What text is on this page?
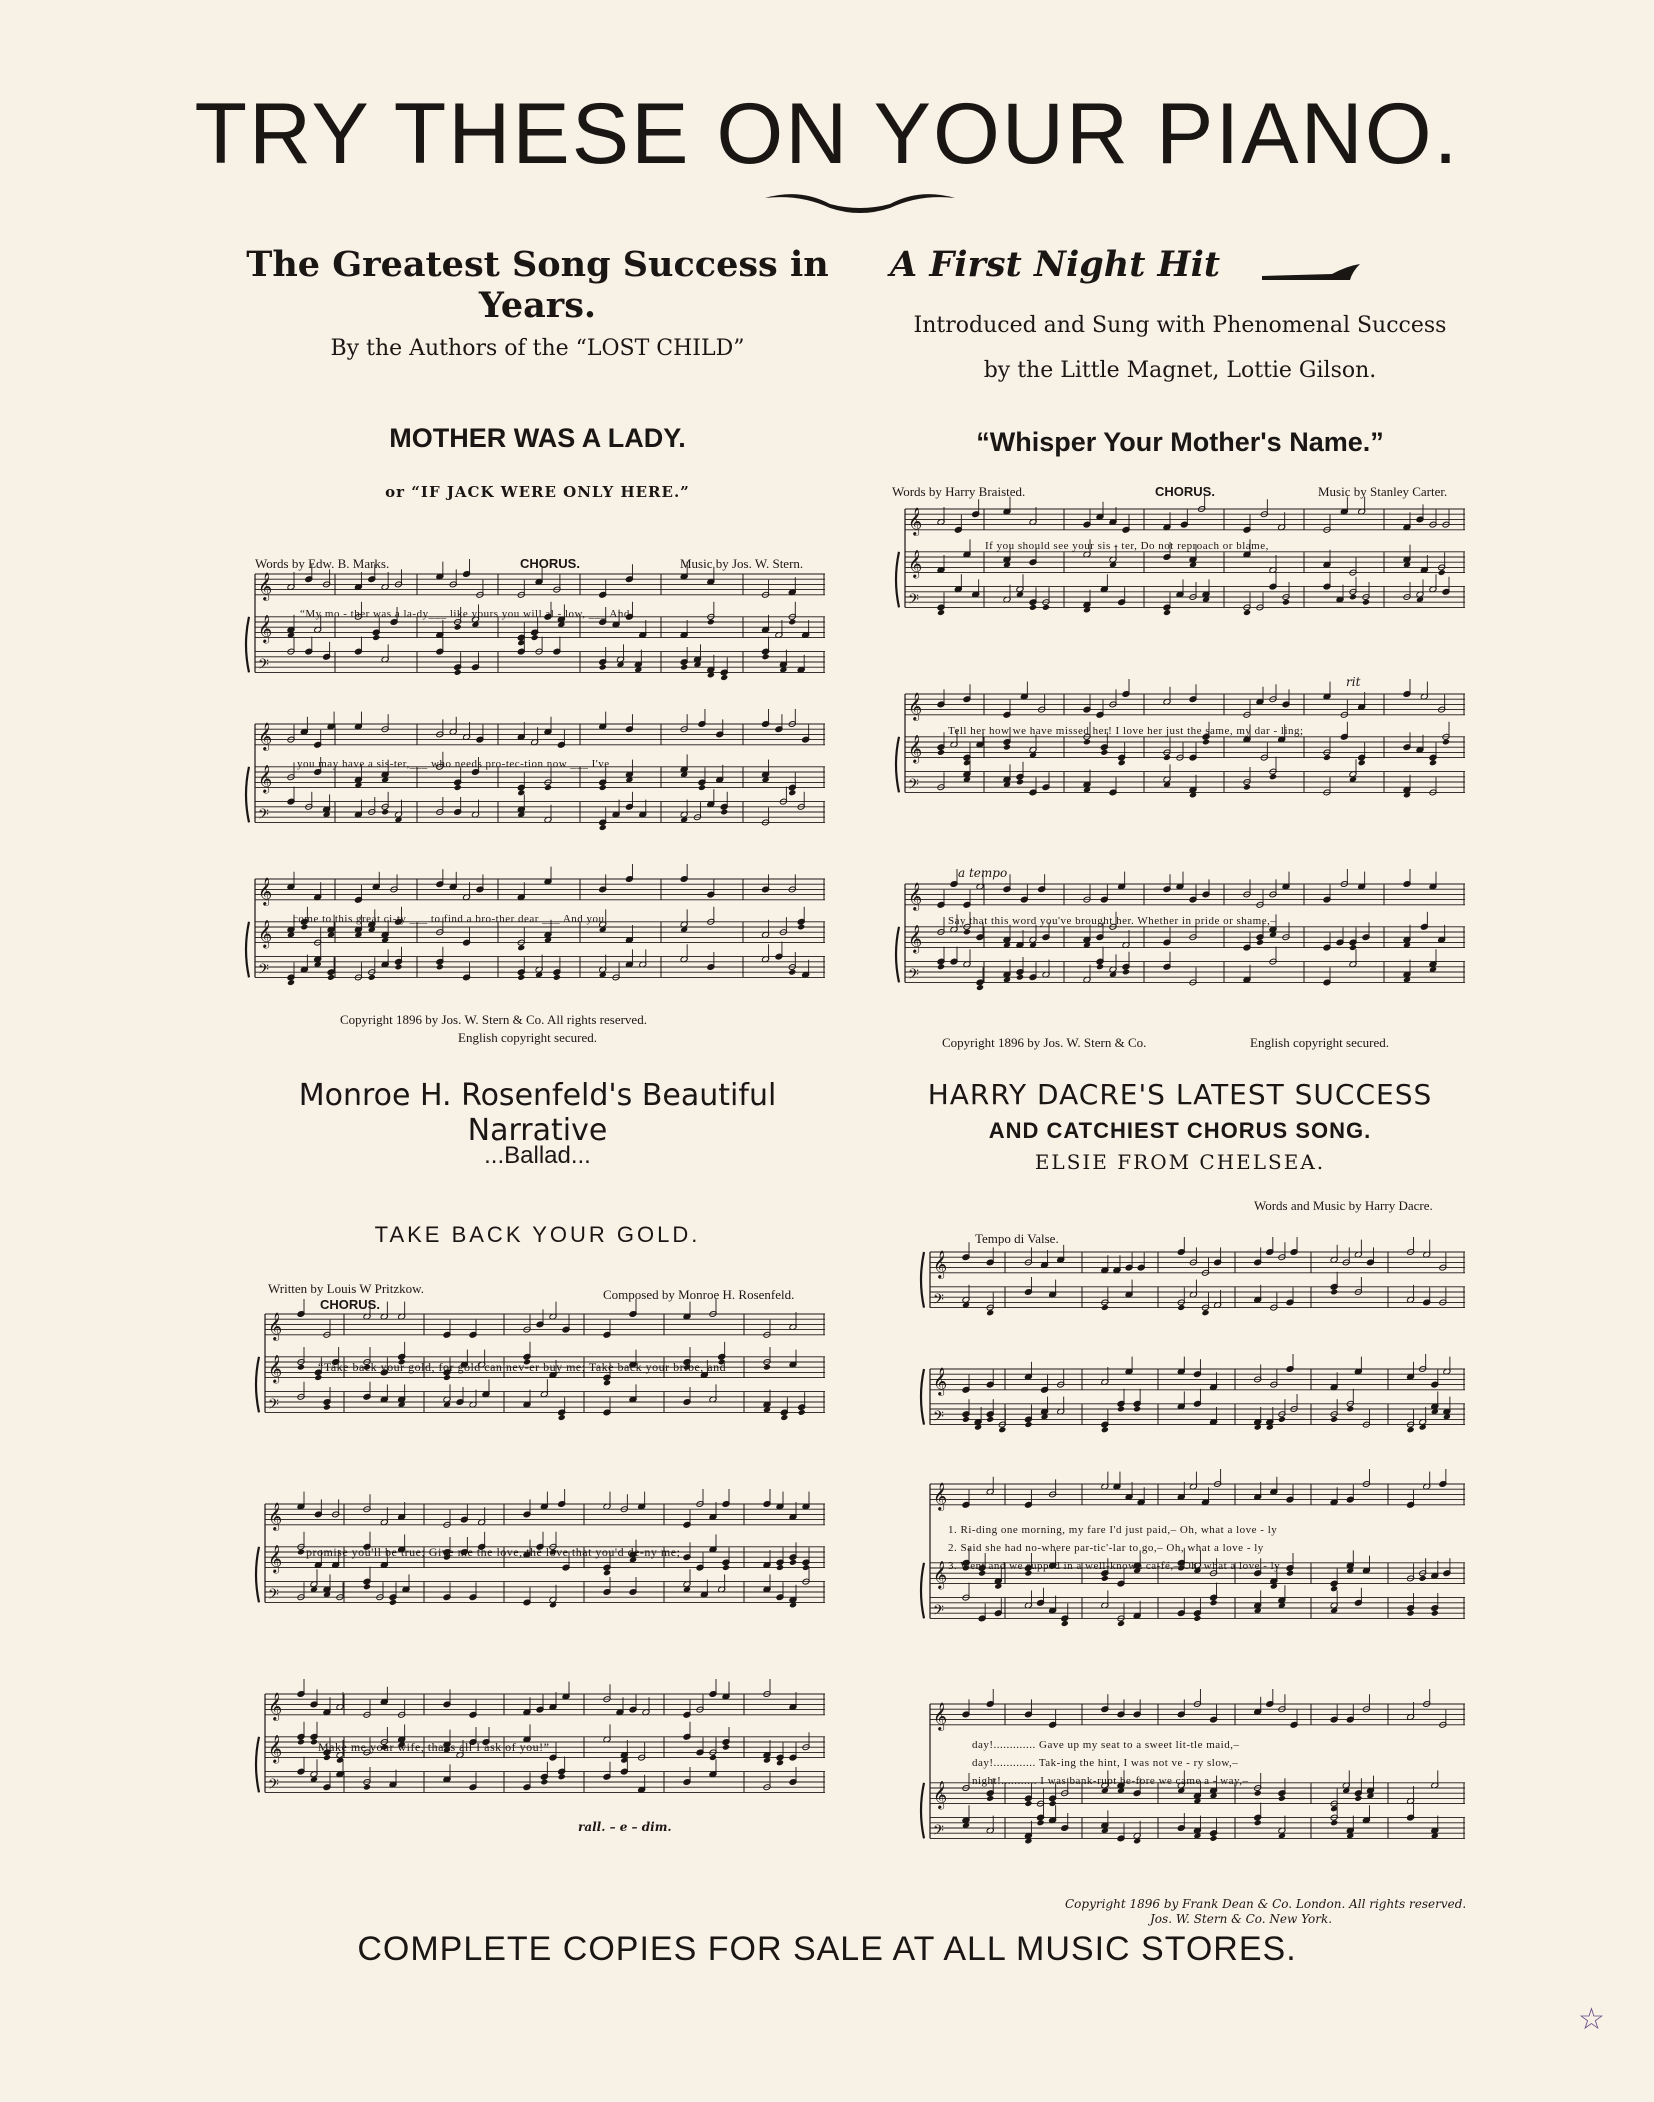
TRY THESE ON YOUR PIANO.
The Greatest Song Success in Years.
By the Authors of the “LOST CHILD”
MOTHER WAS A LADY.
or “IF JACK WERE ONLY HERE.”
Words by Edw. B. Marks.	CHORUS.	Music by Jos. W. Stern.
𝄞
𝄞
𝄢
“My mo - ther was a la-dy___ like yours you will al - low, ___ And
𝄞
𝄞
𝄢
you may have a sis-ter,___ who needs pro-tec-tion now ___ I've
𝄞
𝄞
𝄢
come to this great ci-ty ___ to find a bro-ther dear ___ And you
Copyright 1896 by Jos. W. Stern & Co. All rights reserved.
English copyright secured.
A First Night Hit
Introduced and Sung with Phenomenal Success
by the Little Magnet, Lottie Gilson.
“Whisper Your Mother's Name.”
Words by Harry Braisted.	CHORUS.	Music by Stanley Carter.
𝄞
𝄞
𝄢
If you should see your sis - ter, Do not reproach or blame,
rit
𝄞
𝄞
𝄢
Tell her how we have missed her! I love her just the same, my dar - ling;
a tempo
𝄞
𝄞
𝄢
Say that this word you've brought her. Whether in pride or shame,–
Copyright 1896 by Jos. W. Stern & Co.	English copyright secured.
Monroe H. Rosenfeld's Beautiful Narrative
...Ballad...
TAKE BACK YOUR GOLD.
Written by Louis W Pritzkow.
CHORUS.
Composed by Monroe H. Rosenfeld.
𝄞
𝄞
𝄢
“Take back your gold, for gold can nev-er buy me; Take back your bribe, and
𝄞
𝄞
𝄢
promise you'll be true; Give me the love, the love that you'd de-ny me;
𝄞
𝄞
𝄢
Make me your wife, that's all I ask of you!”_______
rall. – e – dim.
HARRY DACRE'S LATEST SUCCESS
AND CATCHIEST CHORUS SONG.
ELSIE FROM CHELSEA.
Words and Music by Harry Dacre.
Tempo di Valse.
𝄞
𝄢
𝄞
𝄢
𝄞
𝄞
𝄢
1. Ri-ding one morning, my fare I'd just paid,– Oh, what a love - ly
2. Said she had no-where par-tic'-lar to go,– Oh, what a love - ly
3. Went and we supped in a well-known ca-fé,– Oh, what a love - ly
𝄞
𝄞
𝄢
day!............. Gave up my seat to a sweet lit-tle maid,–
day!............. Tak-ing the hint, I was not ve - ry slow,–
night!........... I was bank-rupt be-fore we came a - way,–
Copyright 1896 by Frank Dean & Co. London. All rights reserved.
Jos. W. Stern & Co. New York.
COMPLETE COPIES FOR SALE AT ALL MUSIC STORES.
☆
